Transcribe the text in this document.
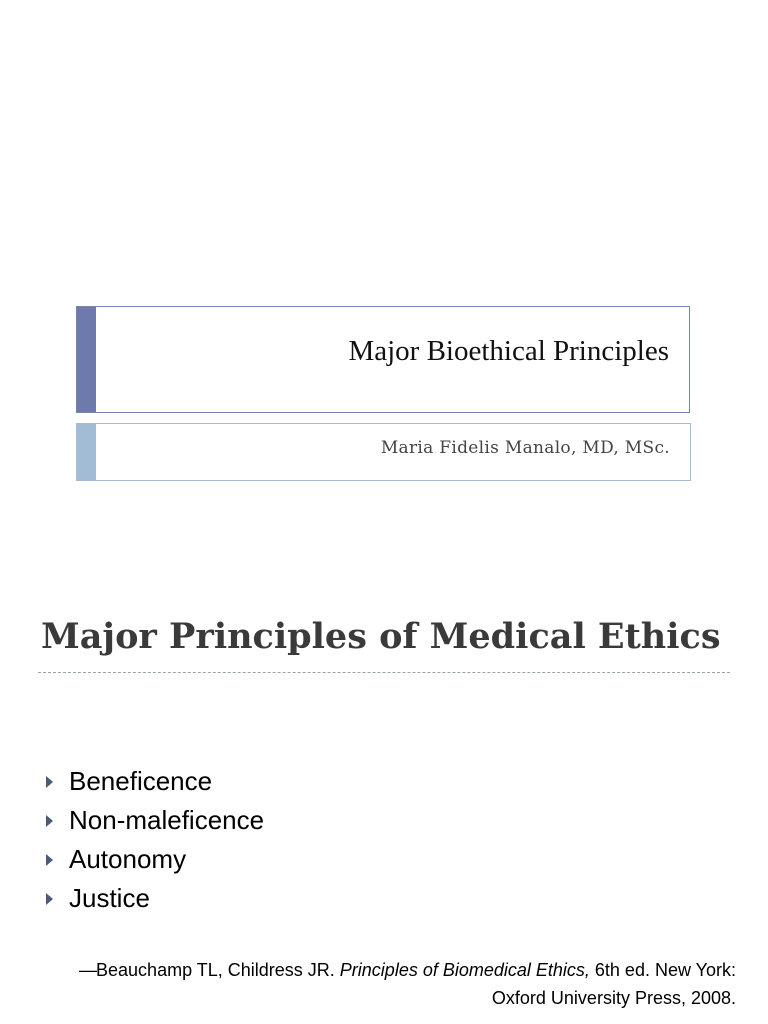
Major Bioethical Principles
Maria Fidelis Manalo, MD, MSc.
Major Principles of Medical Ethics
Beneficence
Non-maleficence
Autonomy
Justice
—Beauchamp TL, Childress JR. Principles of Biomedical Ethics, 6th ed. New York:
Oxford University Press, 2008.
